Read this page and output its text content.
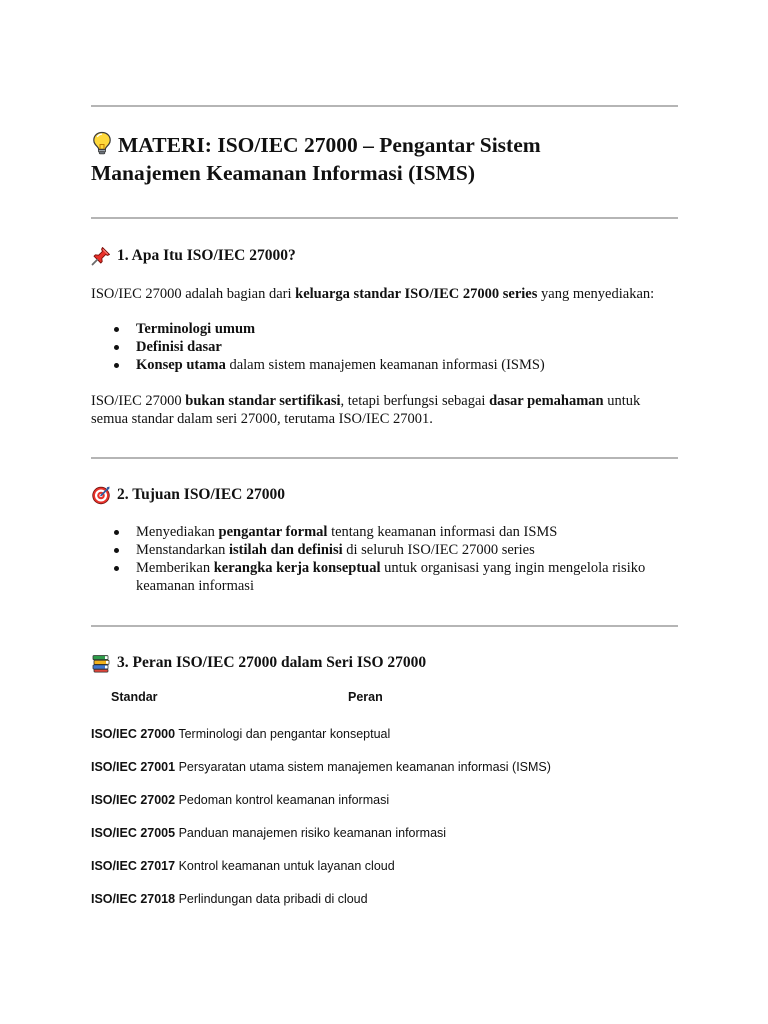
MATERI: ISO/IEC 27000 – Pengantar Sistem
Manajemen Keamanan Informasi (ISMS)
1. Apa Itu ISO/IEC 27000?
ISO/IEC 27000 adalah bagian dari keluarga standar ISO/IEC 27000 series yang menyediakan:
Terminologi umum
Definisi dasar
Konsep utama dalam sistem manajemen keamanan informasi (ISMS)
ISO/IEC 27000 bukan standar sertifikasi, tetapi berfungsi sebagai dasar pemahaman untuk
semua standar dalam seri 27000, terutama ISO/IEC 27001.
2. Tujuan ISO/IEC 27000
Menyediakan pengantar formal tentang keamanan informasi dan ISMS
Menstandarkan istilah dan definisi di seluruh ISO/IEC 27000 series
Memberikan kerangka kerja konseptual untuk organisasi yang ingin mengelola risiko
keamanan informasi
3. Peran ISO/IEC 27000 dalam Seri ISO 27000
Standar	Peran
ISO/IEC 27000 Terminologi dan pengantar konseptual
ISO/IEC 27001 Persyaratan utama sistem manajemen keamanan informasi (ISMS)
ISO/IEC 27002 Pedoman kontrol keamanan informasi
ISO/IEC 27005 Panduan manajemen risiko keamanan informasi
ISO/IEC 27017 Kontrol keamanan untuk layanan cloud
ISO/IEC 27018 Perlindungan data pribadi di cloud
